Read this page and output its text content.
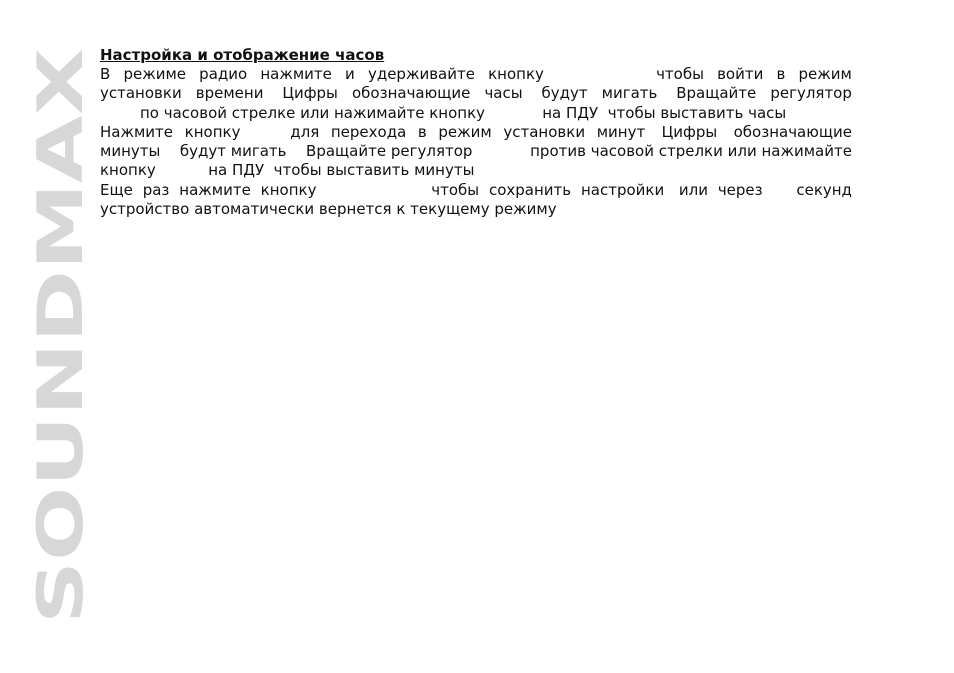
SOUNDMAX
Настройка и отображение часов
В режиме радио нажмите и удерживайте кнопку
	чтобы войти в режим
установки времени Цифры обозначающие часы будут мигать Вращайте регулятор
по часовой стрелке или нажимайте кнопку            на ПДУ  чтобы выставить часы
Нажмите кнопку для перехода в режим установки минут Цифры обозначающие
минуты будут мигать Вращайте регулятор против часовой стрелки или нажимайте
кнопку           на ПДУ  чтобы выставить минуты
Еще раз нажмите кнопку чтобы сохранить настройки или через секунд
устройство автоматически вернется к текущему режиму
